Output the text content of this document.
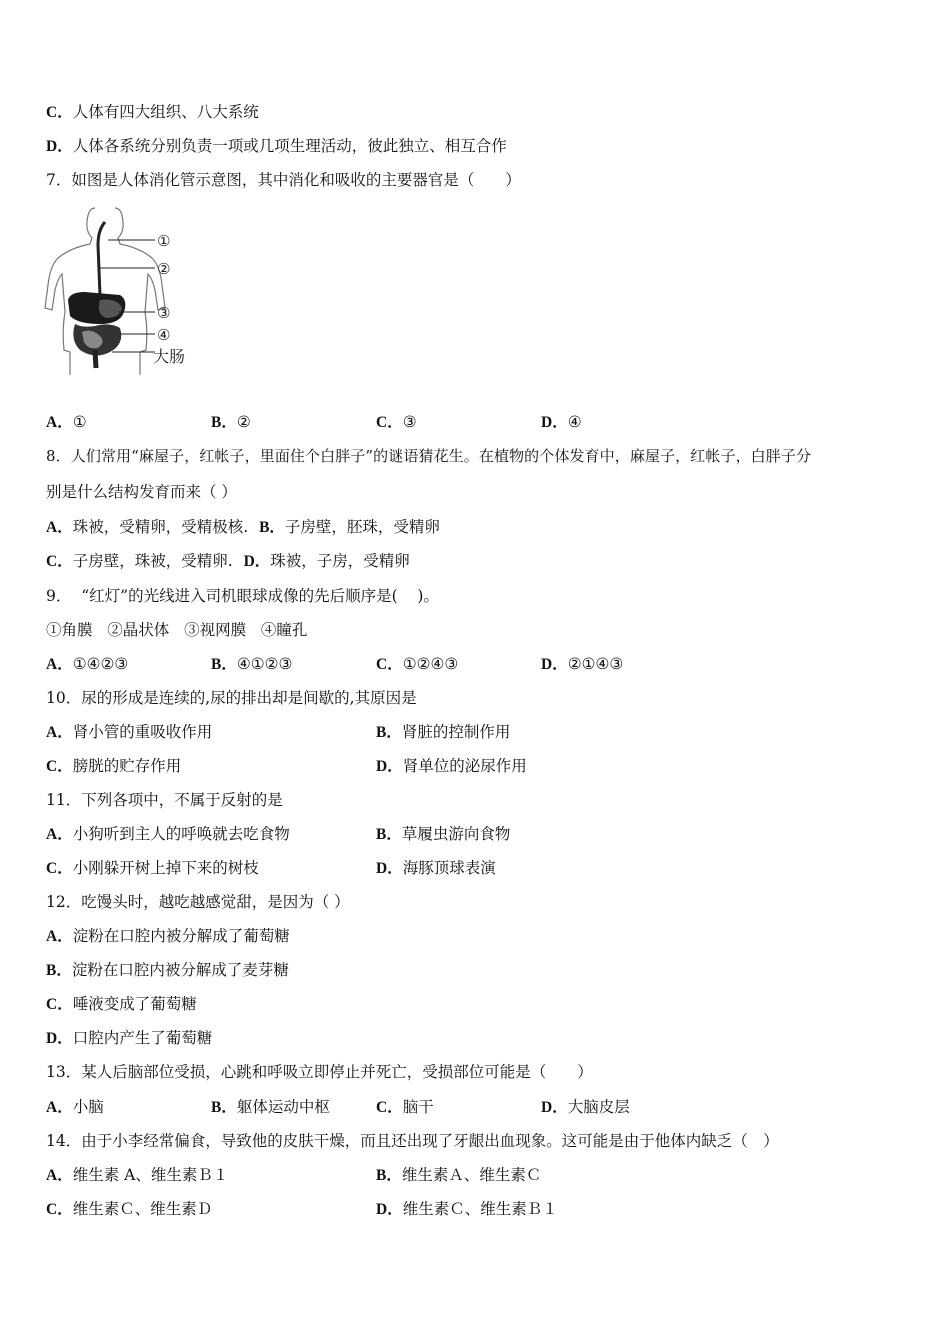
C．人体有四大组织、八大系统
D．人体各系统分别负责一项或几项生理活动，彼此独立、相互合作
7．如图是人体消化管示意图，其中消化和吸收的主要器官是（　　）
①
②
③
④
大肠
A．①	B．②	C．③	D．④
8．人们常用“麻屋子，红帐子，里面住个白胖子”的谜语猜花生。在植物的个体发育中，麻屋子，红帐子，白胖子分
别是什么结构发育而来（ ）
A．珠被，受精卵，受精极核. B．子房壁，胚珠，受精卵
C．子房壁，珠被，受精卵. D．珠被，子房，受精卵
9．  “红灯”的光线进入司机眼球成像的先后顺序是(    )。
①角膜   ②晶状体   ③视网膜   ④瞳孔
A．①④②③	B．④①②③	C．①②④③	D．②①④③
10．尿的形成是连续的,尿的排出却是间歇的,其原因是
A．肾小管的重吸收作用	B．肾脏的控制作用
C．膀胱的贮存作用	D．肾单位的泌尿作用
11．下列各项中，不属于反射的是
A．小狗听到主人的呼唤就去吃食物	B．草履虫游向食物
C．小刚躲开树上掉下来的树枝	D．海豚顶球表演
12．吃馒头时，越吃越感觉甜，是因为（ ）
A．淀粉在口腔内被分解成了葡萄糖
B．淀粉在口腔内被分解成了麦芽糖
C．唾液变成了葡萄糖
D．口腔内产生了葡萄糖
13．某人后脑部位受损，心跳和呼吸立即停止并死亡，受损部位可能是（　　）
A．小脑	B．躯体运动中枢	C．脑干	D．大脑皮层
14．由于小李经常偏食，导致他的皮肤干燥，而且还出现了牙龈出血现象。这可能是由于他体内缺乏（　）
A．维生素 A、维生素Ｂ１	B．维生素Ａ、维生素Ｃ
C．维生素Ｃ、维生素Ｄ	D．维生素Ｃ、维生素Ｂ１
